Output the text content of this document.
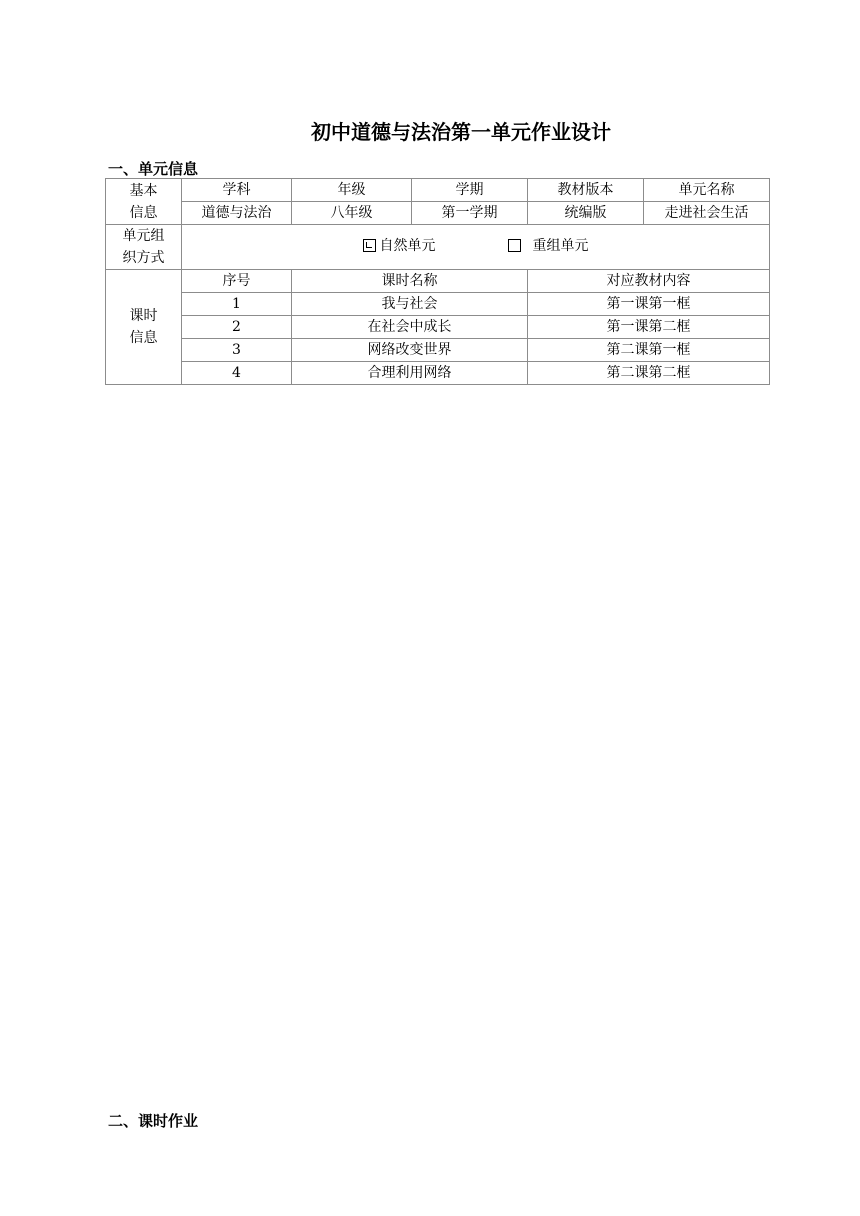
初中道德与法治第一单元作业设计
一、单元信息
基本
信息	学科	年级	学期	教材版本	单元名称
	道德与法治	八年级	第一学期	统编版	走进社会生活
单元组
织方式	自然单元 重组单元				

课时
信息	序号	课时名称		对应教材内容	
	1	我与社会		第一课第一框	
	2	在社会中成长		第一课第二框	
	3	网络改变世界		第二课第一框	
	4	合理利用网络		第二课第二框	
二、课时作业
